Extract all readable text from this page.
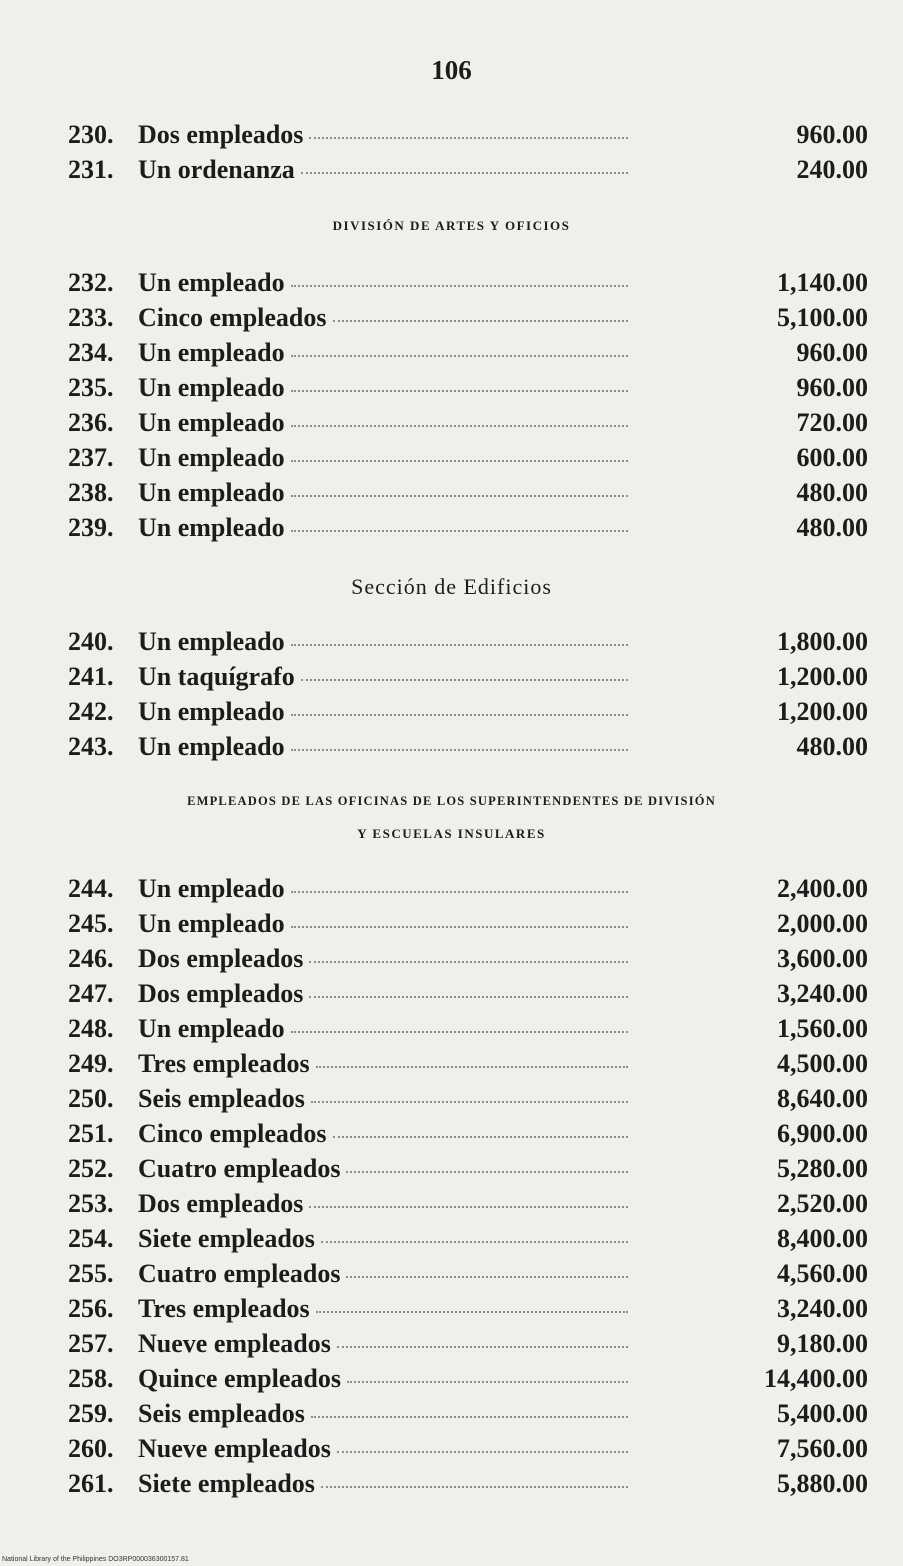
106
230. Dos empleados	960.00
231. Un ordenanza	240.00
DIVISIÓN DE ARTES Y OFICIOS
232. Un empleado	1,140.00
233. Cinco empleados	5,100.00
234. Un empleado	960.00
235. Un empleado	960.00
236. Un empleado	720.00
237. Un empleado	600.00
238. Un empleado	480.00
239. Un empleado	480.00
Sección de Edificios
240. Un empleado	1,800.00
241. Un taquígrafo	1,200.00
242. Un empleado	1,200.00
243. Un empleado	480.00
EMPLEADOS DE LAS OFICINAS DE LOS SUPERINTENDENTES DE DIVISIÓN
Y ESCUELAS INSULARES
244. Un empleado	2,400.00
245. Un empleado	2,000.00
246. Dos empleados	3,600.00
247. Dos empleados	3,240.00
248. Un empleado	1,560.00
249. Tres empleados	4,500.00
250. Seis empleados	8,640.00
251. Cinco empleados	6,900.00
252. Cuatro empleados	5,280.00
253. Dos empleados	2,520.00
254. Siete empleados	8,400.00
255. Cuatro empleados	4,560.00
256. Tres empleados	3,240.00
257. Nueve empleados	9,180.00
258. Quince empleados	14,400.00
259. Seis empleados	5,400.00
260. Nueve empleados	7,560.00
261. Siete empleados	5,880.00
National Library of the Philippines DO3RP000036300157.81
